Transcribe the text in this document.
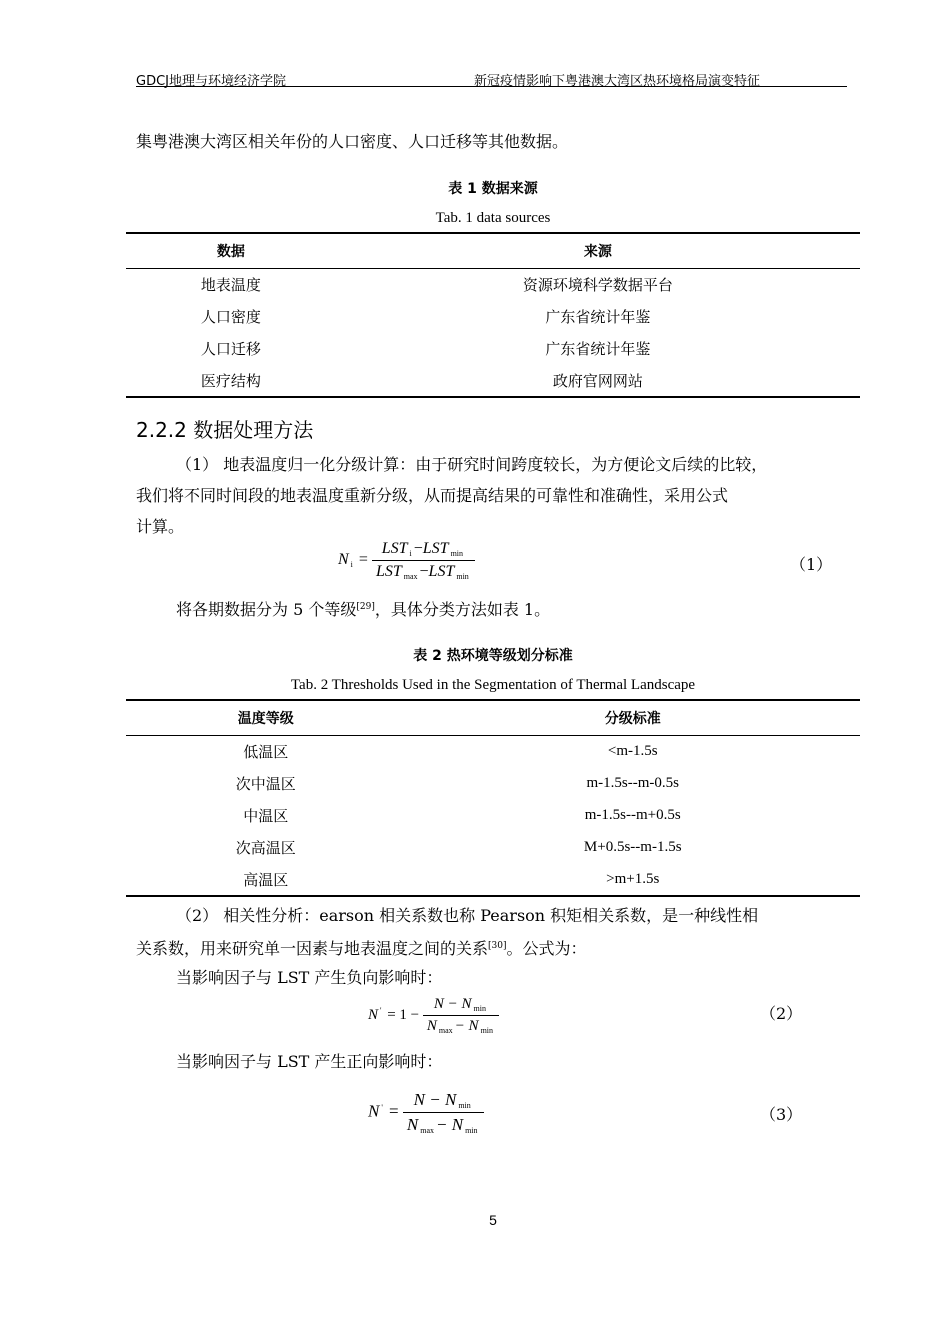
GDCJ地理与环境经济学院	新冠疫情影响下粤港澳大湾区热环境格局演变特征
集粤港澳大湾区相关年份的人口密度、人口迁移等其他数据。
表 1 数据来源
Tab. 1 data sources
数据	来源
地表温度	资源环境科学数据平台
人口密度	广东省统计年鉴
人口迁移	广东省统计年鉴
医疗结构	政府官网网站
2.2.2 数据处理方法
（1） 地表温度归一化分级计算：由于研究时间跨度较长，为方便论文后续的比较，
我们将不同时间段的地表温度重新分级，从而提高结果的可靠性和准确性，采用公式
计算。
N $_i = \frac{LST _i -LST _{min}}{LST _{max} -LST _{min}}$	（1）
将各期数据分为 5 个等级[29]，具体分类方法如表 1。
表 2 热环境等级划分标准
Tab. 2 Thresholds Used in the Segmentation of Thermal Landscape
温度等级	分级标准
低温区	<m-1.5s
次中温区	m-1.5s--m-0.5s
中温区	m-1.5s--m+0.5s
次高温区	M+0.5s--m-1.5s
高温区	>m+1.5s
（2） 相关性分析：earson 相关系数也称 Pearson 积矩相关系数，是一种线性相
关系数，用来研究单一因素与地表温度之间的关系[30]。公式为：
当影响因子与 LST 产生负向影响时：
N $' = 1 - \frac{N - N _{min}}{N _{max} - N _{min}}$	（2）
当影响因子与 LST 产生正向影响时：
N $' = \frac{N - N _{min}}{N _{max} - N _{min}}$	（3）
5
